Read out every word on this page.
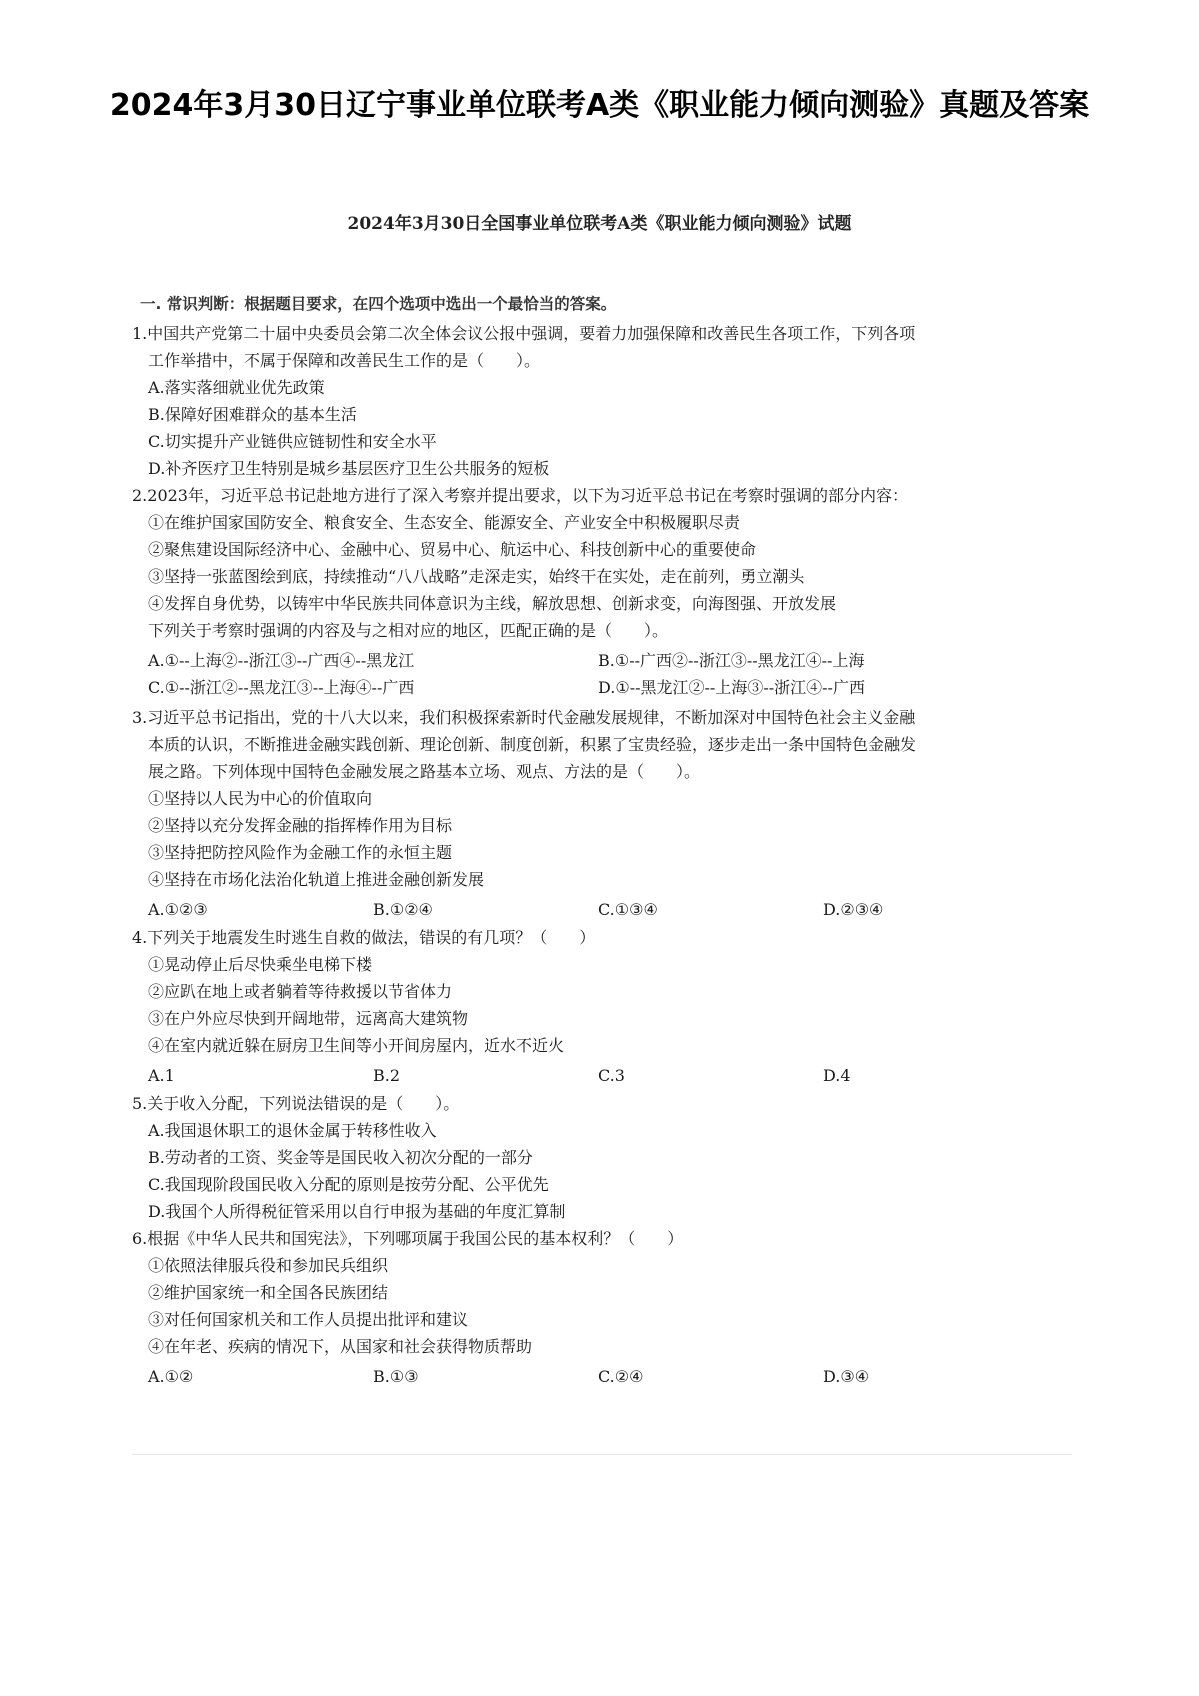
2024年3月30日辽宁事业单位联考A类《职业能力倾向测验》真题及答案
2024年3月30日全国事业单位联考A类《职业能力倾向测验》试题
一. 常识判断：根据题目要求，在四个选项中选出一个最恰当的答案。

1.中国共产党第二十届中央委员会第二次全体会议公报中强调，要着力加强保障和改善民生各项工作，下列各项
工作举措中，不属于保障和改善民生工作的是（　　）。

A.落实落细就业优先政策
B.保障好困难群众的基本生活
C.切实提升产业链供应链韧性和安全水平
D.补齐医疗卫生特别是城乡基层医疗卫生公共服务的短板

2.2023年，习近平总书记赴地方进行了深入考察并提出要求，以下为习近平总书记在考察时强调的部分内容：

①在维护国家国防安全、粮食安全、生态安全、能源安全、产业安全中积极履职尽责
②聚焦建设国际经济中心、金融中心、贸易中心、航运中心、科技创新中心的重要使命
③坚持一张蓝图绘到底，持续推动“八八战略”走深走实，始终干在实处，走在前列，勇立潮头
④发挥自身优势，以铸牢中华民族共同体意识为主线，解放思想、创新求变，向海图强、开放发展
下列关于考察时强调的内容及与之相对应的地区，匹配正确的是（　　）。
A.①--上海②--浙江③--广西④--黑龙江	B.①--广西②--浙江③--黑龙江④--上海
C.①--浙江②--黑龙江③--上海④--广西	D.①--黑龙江②--上海③--浙江④--广西

3.习近平总书记指出，党的十八大以来，我们积极探索新时代金融发展规律，不断加深对中国特色社会主义金融
本质的认识，不断推进金融实践创新、理论创新、制度创新，积累了宝贵经验，逐步走出一条中国特色金融发
展之路。下列体现中国特色金融发展之路基本立场、观点、方法的是（　　）。

①坚持以人民为中心的价值取向
②坚持以充分发挥金融的指挥棒作用为目标
③坚持把防控风险作为金融工作的永恒主题
④坚持在市场化法治化轨道上推进金融创新发展
A.①②③	B.①②④	C.①③④	D.②③④

4.下列关于地震发生时逃生自救的做法，错误的有几项？（　　）

①晃动停止后尽快乘坐电梯下楼
②应趴在地上或者躺着等待救援以节省体力
③在户外应尽快到开阔地带，远离高大建筑物
④在室内就近躲在厨房卫生间等小开间房屋内，近水不近火
A.1	B.2	C.3	D.4

5.关于收入分配，下列说法错误的是（　　）。

A.我国退休职工的退休金属于转移性收入
B.劳动者的工资、奖金等是国民收入初次分配的一部分
C.我国现阶段国民收入分配的原则是按劳分配、公平优先
D.我国个人所得税征管采用以自行申报为基础的年度汇算制

6.根据《中华人民共和国宪法》，下列哪项属于我国公民的基本权利？（　　）

①依照法律服兵役和参加民兵组织
②维护国家统一和全国各民族团结
③对任何国家机关和工作人员提出批评和建议
④在年老、疾病的情况下，从国家和社会获得物质帮助
A.①②	B.①③	C.②④	D.③④
